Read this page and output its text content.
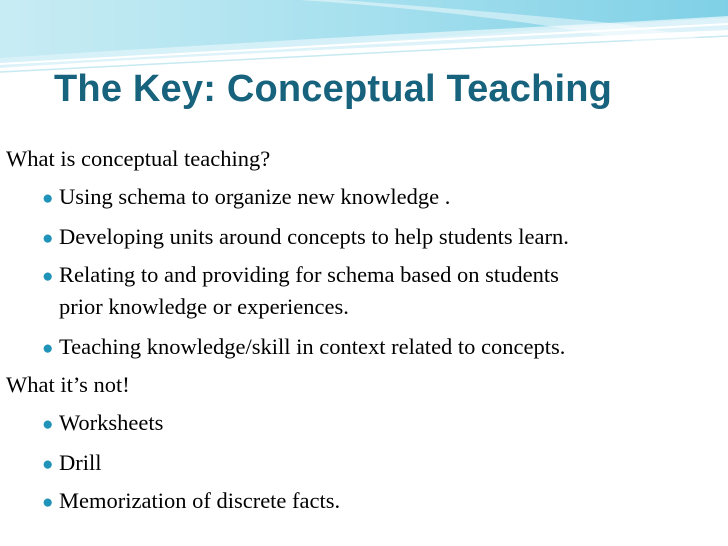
The Key: Conceptual Teaching
What is conceptual teaching?
● Using schema to organize new knowledge .
● Developing units around concepts to help students learn.
● Relating to and providing for schema based on students
prior knowledge or experiences.
● Teaching knowledge/skill in context related to concepts.
What it’s not!
● Worksheets
● Drill
● Memorization of discrete facts.
